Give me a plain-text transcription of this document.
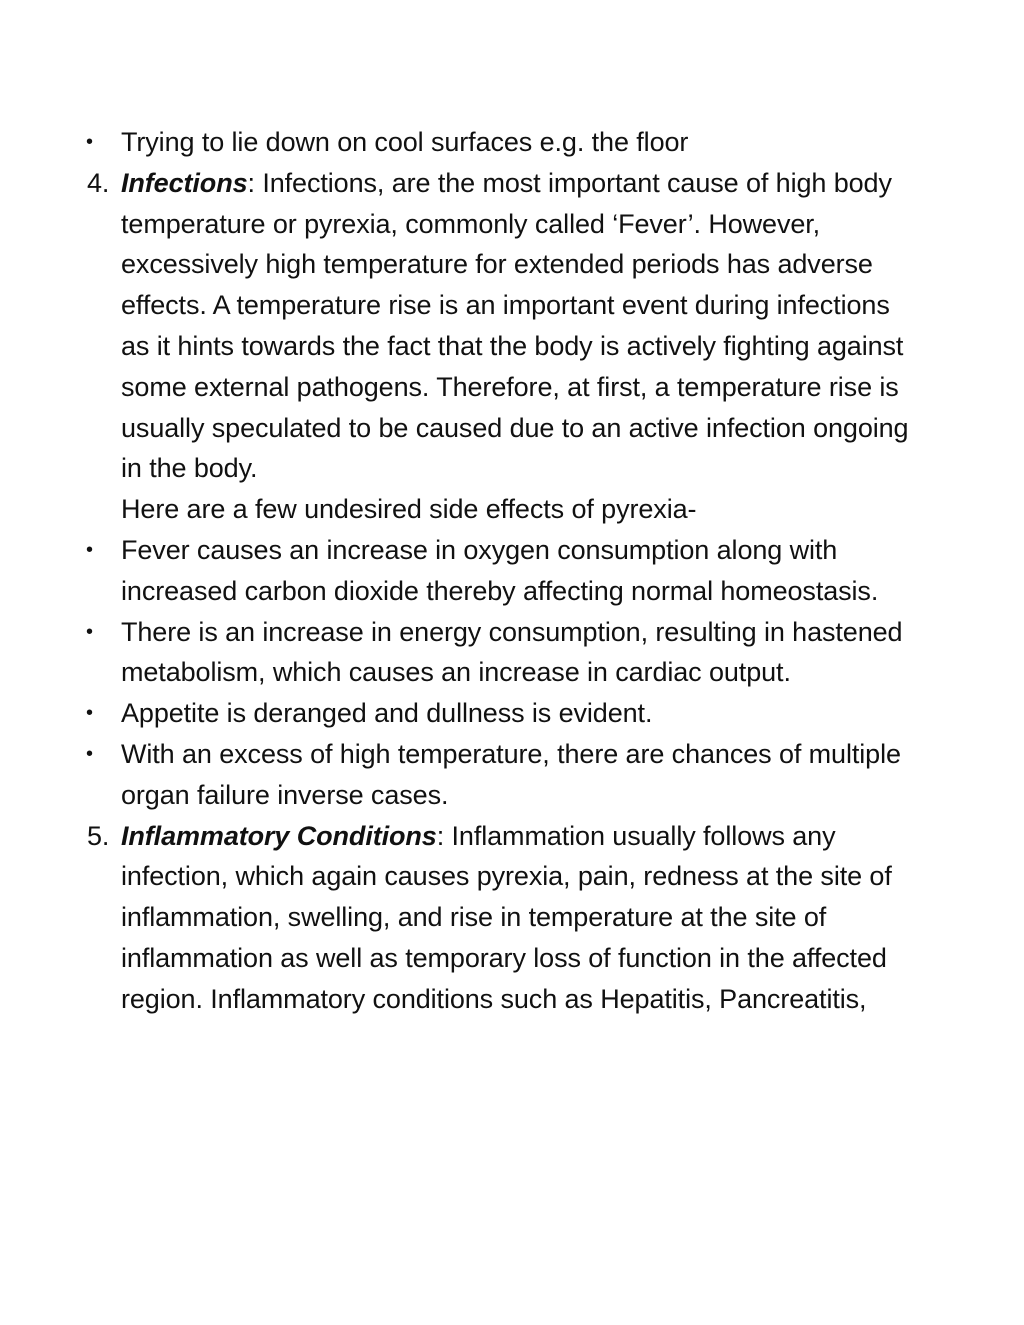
•	Trying to lie down on cool surfaces e.g. the floor
4. Infections: Infections, are the most important cause of high body temperature or pyrexia, commonly called ‘Fever’. However, excessively high temperature for extended periods has adverse effects. A temperature rise is an important event during infections as it hints towards the fact that the body is actively fighting against some external pathogens. Therefore, at first, a temperature rise is usually speculated to be caused due to an active infection ongoing in the body.
Here are a few undesired side effects of pyrexia-
•	Fever causes an increase in oxygen consumption along with increased carbon dioxide thereby affecting normal homeostasis.
•	There is an increase in energy consumption, resulting in hastened metabolism, which causes an increase in cardiac output.
•	Appetite is deranged and dullness is evident.
•	With an excess of high temperature, there are chances of multiple organ failure inverse cases.
5. Inflammatory Conditions: Inflammation usually follows any infection, which again causes pyrexia, pain, redness at the site of inflammation, swelling, and rise in temperature at the site of inflammation as well as temporary loss of function in the affected region. Inflammatory conditions such as Hepatitis, Pancreatitis,
